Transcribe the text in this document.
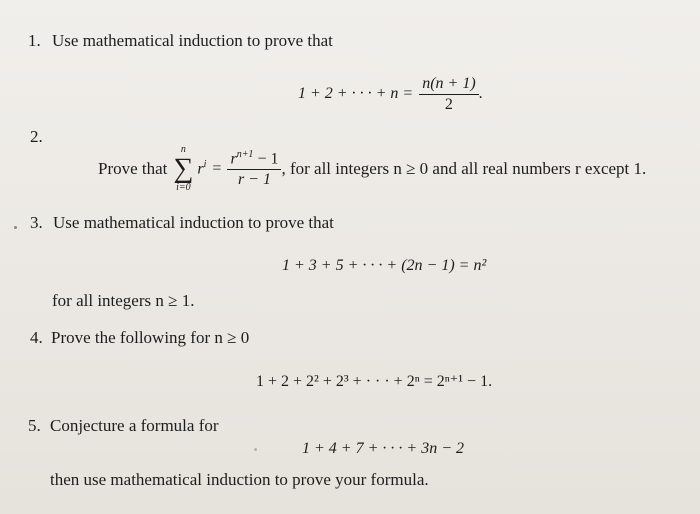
1. Use mathematical induction to prove that
1 + 2 + · · · + $n = \frac{n(n + 1)}{2}$ .
2.
Prove that
n
∑
i=0
$r^i = \frac{r^{n+1} - 1}{r - 1}$ , for all integers n ≥ 0 and all real numbers r except 1.
3. Use mathematical induction to prove that
1 + 3 + 5 + · · · + (2n − 1) = n²
for all integers n ≥ 1.
4. Prove the following for n ≥ 0
1 + 2 + 2² + 2³ + · · · + 2ⁿ = 2ⁿ⁺¹ − 1.
5. Conjecture a formula for
1 + 4 + 7 + · · · + 3n − 2
then use mathematical induction to prove your formula.
